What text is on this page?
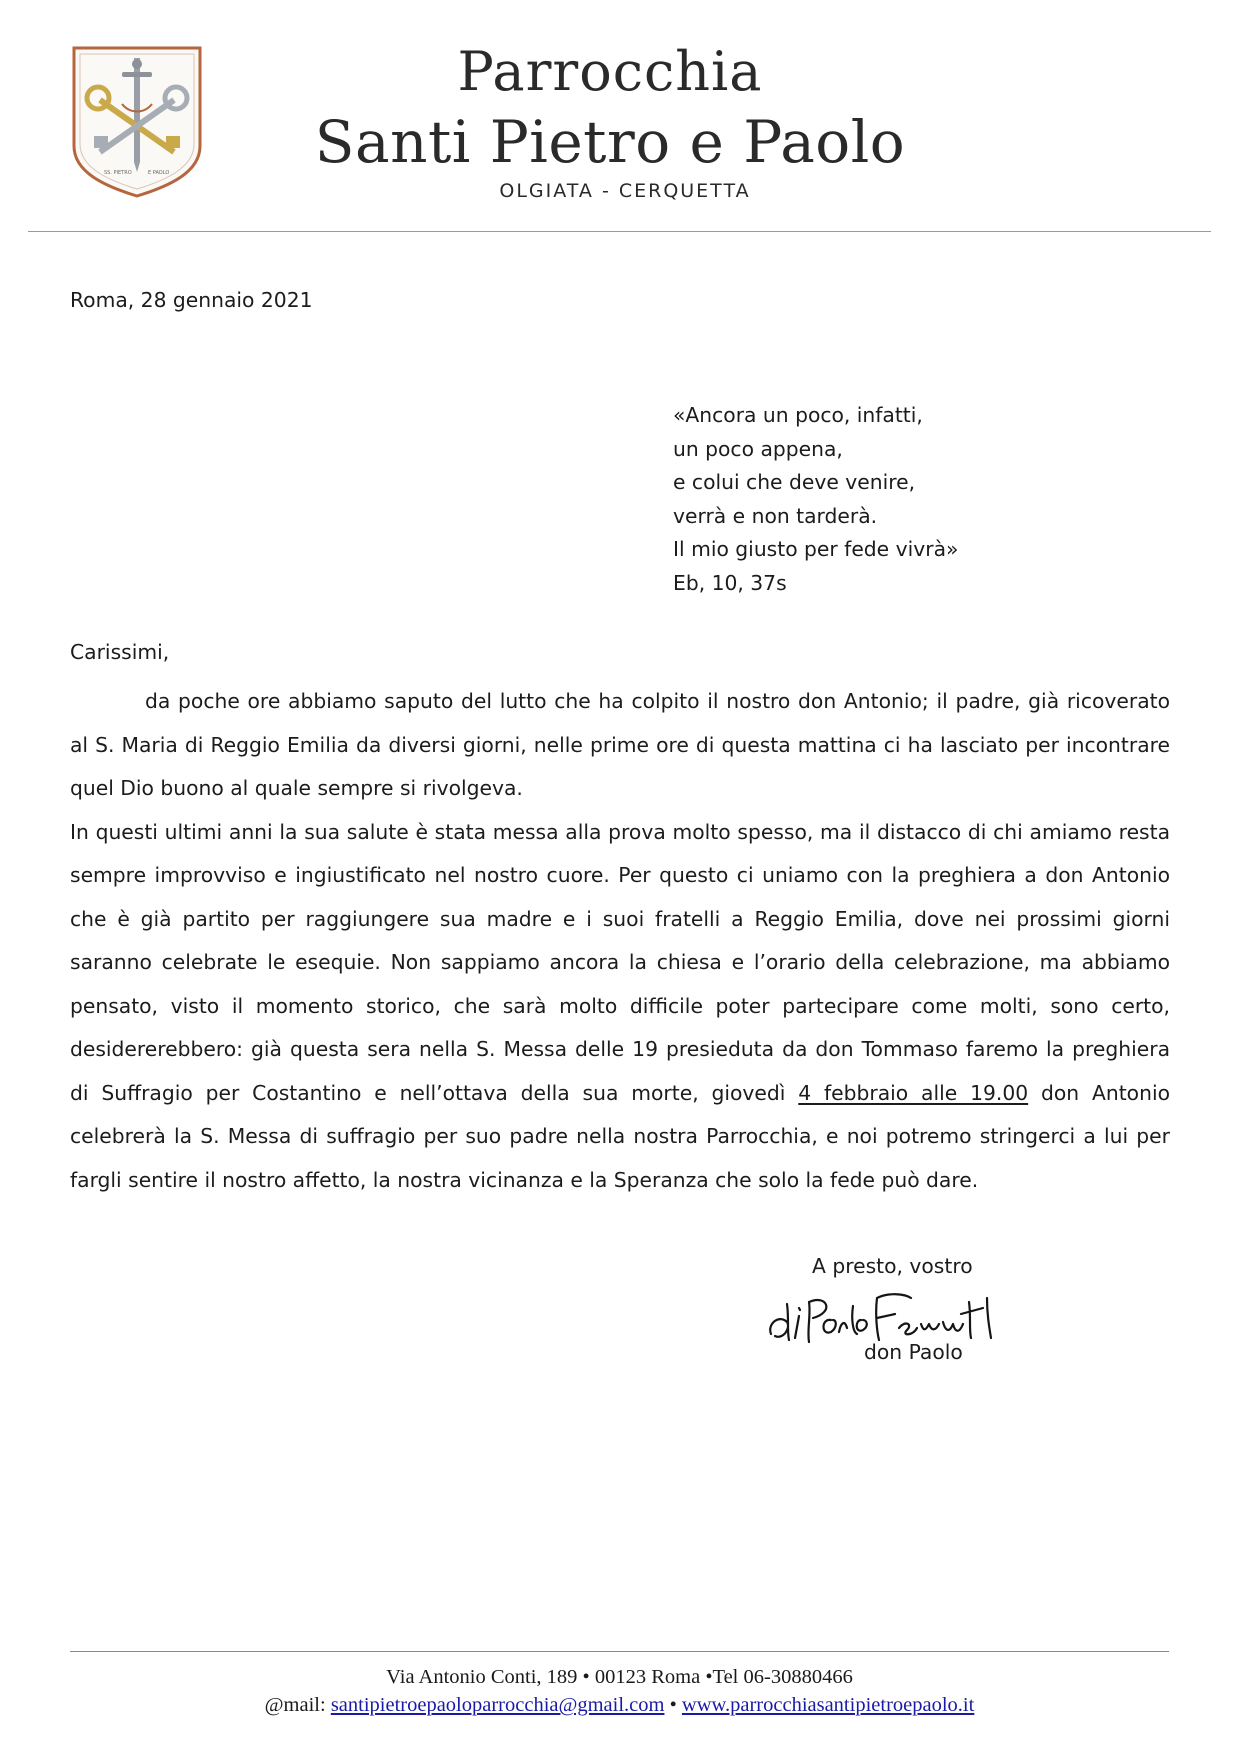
SS. PIETRO	E PAOLO
Parrocchia
Santi Pietro e Paolo
OLGIATA - CERQUETTA
Roma, 28 gennaio 2021
«Ancora un poco, infatti,
un poco appena,
e colui che deve venire,
verrà e non tarderà.
Il mio giusto per fede vivrà»
Eb, 10, 37s
Carissimi,

da poche ore abbiamo saputo del lutto che ha colpito il nostro don Antonio; il padre, già ricoverato al S. Maria di Reggio Emilia da diversi giorni, nelle prime ore di questa mattina ci ha lasciato per incontrare quel Dio buono al quale sempre si rivolgeva.

In questi ultimi anni la sua salute è stata messa alla prova molto spesso, ma il distacco di chi amiamo resta sempre improvviso e ingiustificato nel nostro cuore. Per questo ci uniamo con la preghiera a don Antonio che è già partito per raggiungere sua madre e i suoi fratelli a Reggio Emilia, dove nei prossimi giorni saranno celebrate le esequie. Non sappiamo ancora la chiesa e l’orario della celebrazione, ma abbiamo pensato, visto il momento storico, che sarà molto difficile poter partecipare come molti, sono certo, desidererebbero: già questa sera nella S. Messa delle 19 presieduta da don Tommaso faremo la preghiera di Suffragio per Costantino e nell’ottava della sua morte, giovedì 4 febbraio alle 19.00 don Antonio celebrerà la S. Messa di suffragio per suo padre nella nostra Parrocchia, e noi potremo stringerci a lui per fargli sentire il nostro affetto, la nostra vicinanza e la Speranza che solo la fede può dare.

A presto, vostro
don Paolo
Via Antonio Conti, 189 • 00123 Roma •Tel 06-30880466
@mail: santipietroepaoloparrocchia@gmail.com • www.parrocchiasantipietroepaolo.it
